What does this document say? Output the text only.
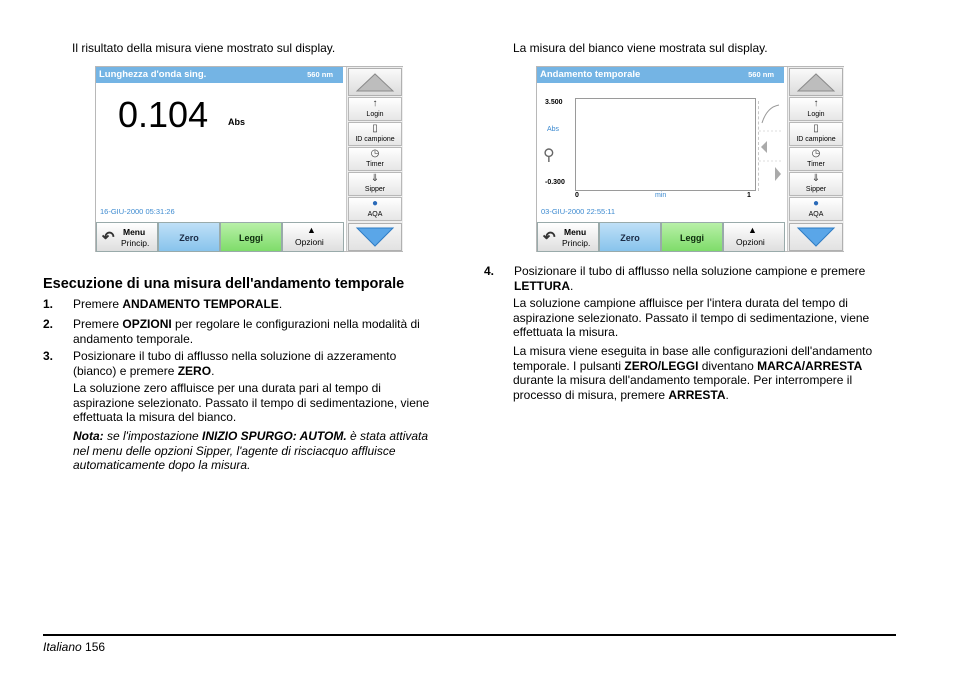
Il risultato della misura viene mostrato sul display.	La misura del bianco viene mostrata sul display.
Lunghezza d'onda sing.	560 nm
0.104 Abs
16-GIU-2000 05:31:26
↑
Login
▯
ID campione
◷
Timer
⇓
Sipper
●
AQA
↶ Menu
Princip.	Zero	Leggi
▲
Opzioni
Andamento temporale	560 nm
3.500
Abs
⚲
-0.300
0	min	1
03-GIU-2000 22:55:11
↑
Login
▯
ID campione
◷
Timer
⇓
Sipper
●
AQA
↶ Menu
Princip.	Zero	Leggi
▲
Opzioni
Esecuzione di una misura dell'andamento temporale
1. Premere ANDAMENTO TEMPORALE.
2. Premere OPZIONI per regolare le configurazioni nella modalità di
andamento temporale.
3. Posizionare il tubo di afflusso nella soluzione di azzeramento
(bianco) e premere ZERO.
La soluzione zero affluisce per una durata pari al tempo di
aspirazione selezionato. Passato il tempo di sedimentazione, viene
effettuata la misura del bianco.
Nota: se l'impostazione INIZIO SPURGO: AUTOM. è stata attivata
nel menu delle opzioni Sipper, l'agente di risciacquo affluisce
automaticamente dopo la misura.
4. Posizionare il tubo di afflusso nella soluzione campione e premere
LETTURA.
La soluzione campione affluisce per l'intera durata del tempo di
aspirazione selezionato. Passato il tempo di sedimentazione, viene
effettuata la misura.
La misura viene eseguita in base alle configurazioni dell'andamento
temporale. I pulsanti ZERO/LEGGI diventano MARCA/ARRESTA
durante la misura dell'andamento temporale. Per interrompere il
processo di misura, premere ARRESTA.
Italiano 156
